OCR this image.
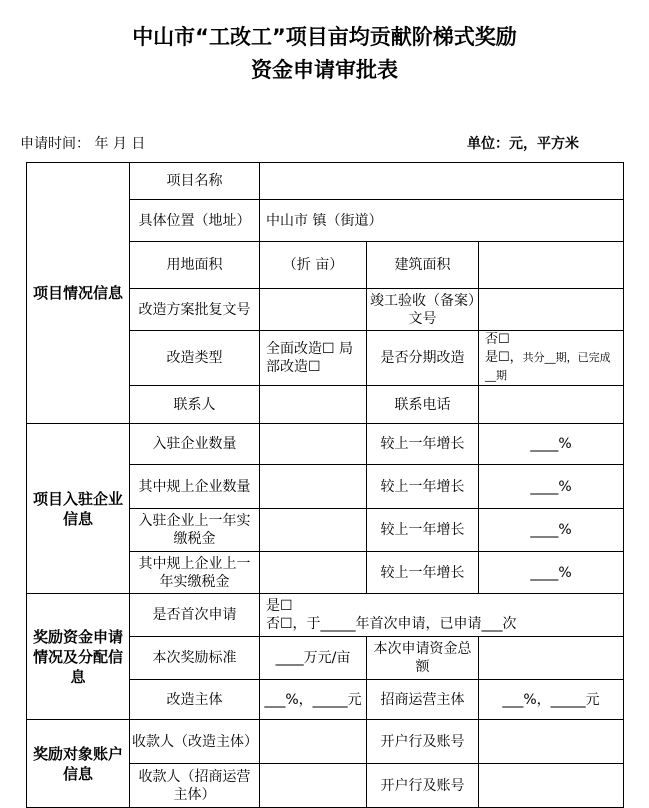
中山市“工改工”项目亩均贡献阶梯式奖励
资金申请审批表
申请时间： 年 月 日	单位：元，平方米
项目情况信息	项目名称			
	具体位置（地址）	中山市 镇（街道）		
	用地面积	（折 亩）	建筑面积	
	改造方案批复文号		竣工验收（备案）文号	
	改造类型	全面改造☐ 局部改造☐	是否分期改造	否☐
是☐，共分__期，已完成__期

	联系人		联系电话	
项目入驻企业信息	入驻企业数量		较上一年增长	____%
	其中规上企业数量		较上一年增长	____%
	入驻企业上一年实缴税金		较上一年增长	____%
	其中规上企业上一年实缴税金		较上一年增长	____%
奖励资金申请情况及分配信息	是否首次申请	是☐
否☐，于_____年首次申请，已申请___次		

	本次奖励标准	____万元/亩	本次申请资金总额	
	改造主体	___%，_____元	招商运营主体	___%，_____元
奖励对象账户信息	收款人（改造主体）		开户行及账号	
	收款人（招商运营主体）		开户行及账号	
